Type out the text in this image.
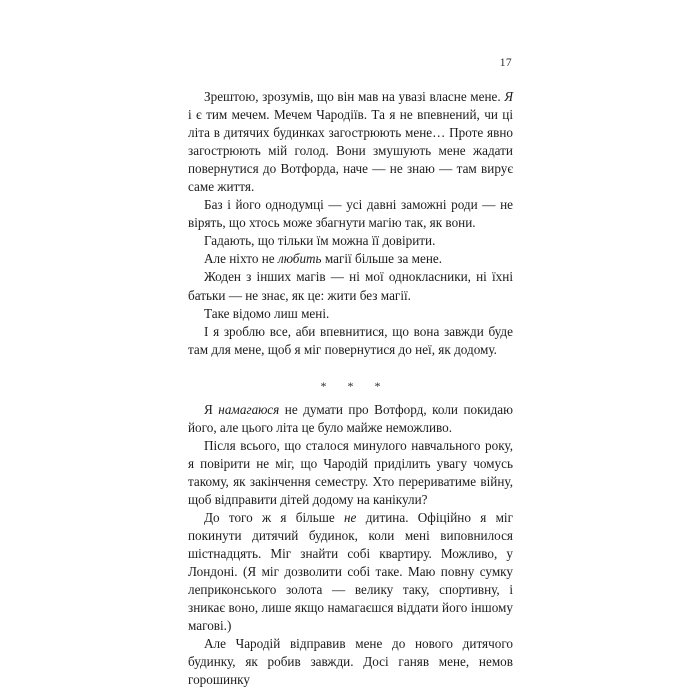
17

Зрештою, зрозумів, що він мав на увазі власне мене. Я і є тим мечем. Мечем Чародіїв. Та я не впевнений, чи ці літа в дитячих будинках загострюють мене… Проте явно загострюють мій голод. Вони змушують мене жадати повернутися до Вотфорда, наче — не знаю — там вирує саме життя.

Баз і його однодумці — усі давні заможні роди — не вірять, що хтось може збагнути магію так, як вони.

Гадають, що тільки їм можна її довірити.

Але ніхто не любить магії більше за мене.

Жоден з інших магів — ні мої однокласники, ні їхні батьки — не знає, як це: жити без магії.

Таке відомо лиш мені.

І я зроблю все, аби впевнитися, що вона завжди буде там для мене, щоб я міг повернутися до неї, як додому.

* * *

Я намагаюся не думати про Вотфорд, коли покидаю його, але цього літа це було майже неможливо.

Після всього, що сталося минулого навчального року, я повірити не міг, що Чародій приділить увагу чомусь такому, як закінчення семестру. Хто перериватиме війну, щоб відправити дітей додому на канікули?

До того ж я більше не дитина. Офіційно я міг покинути дитячий будинок, коли мені виповнилося шістнадцять. Міг знайти собі квартиру. Можливо, у Лондоні. (Я міг дозволити собі таке. Маю повну сумку леприконського золота — велику таку, спортивну, і зникає воно, лише якщо намагаєшся віддати його іншому магові.)

Але Чародій відправив мене до нового дитячого будинку, як робив завжди. Досі ганяв мене, немов горошинку
